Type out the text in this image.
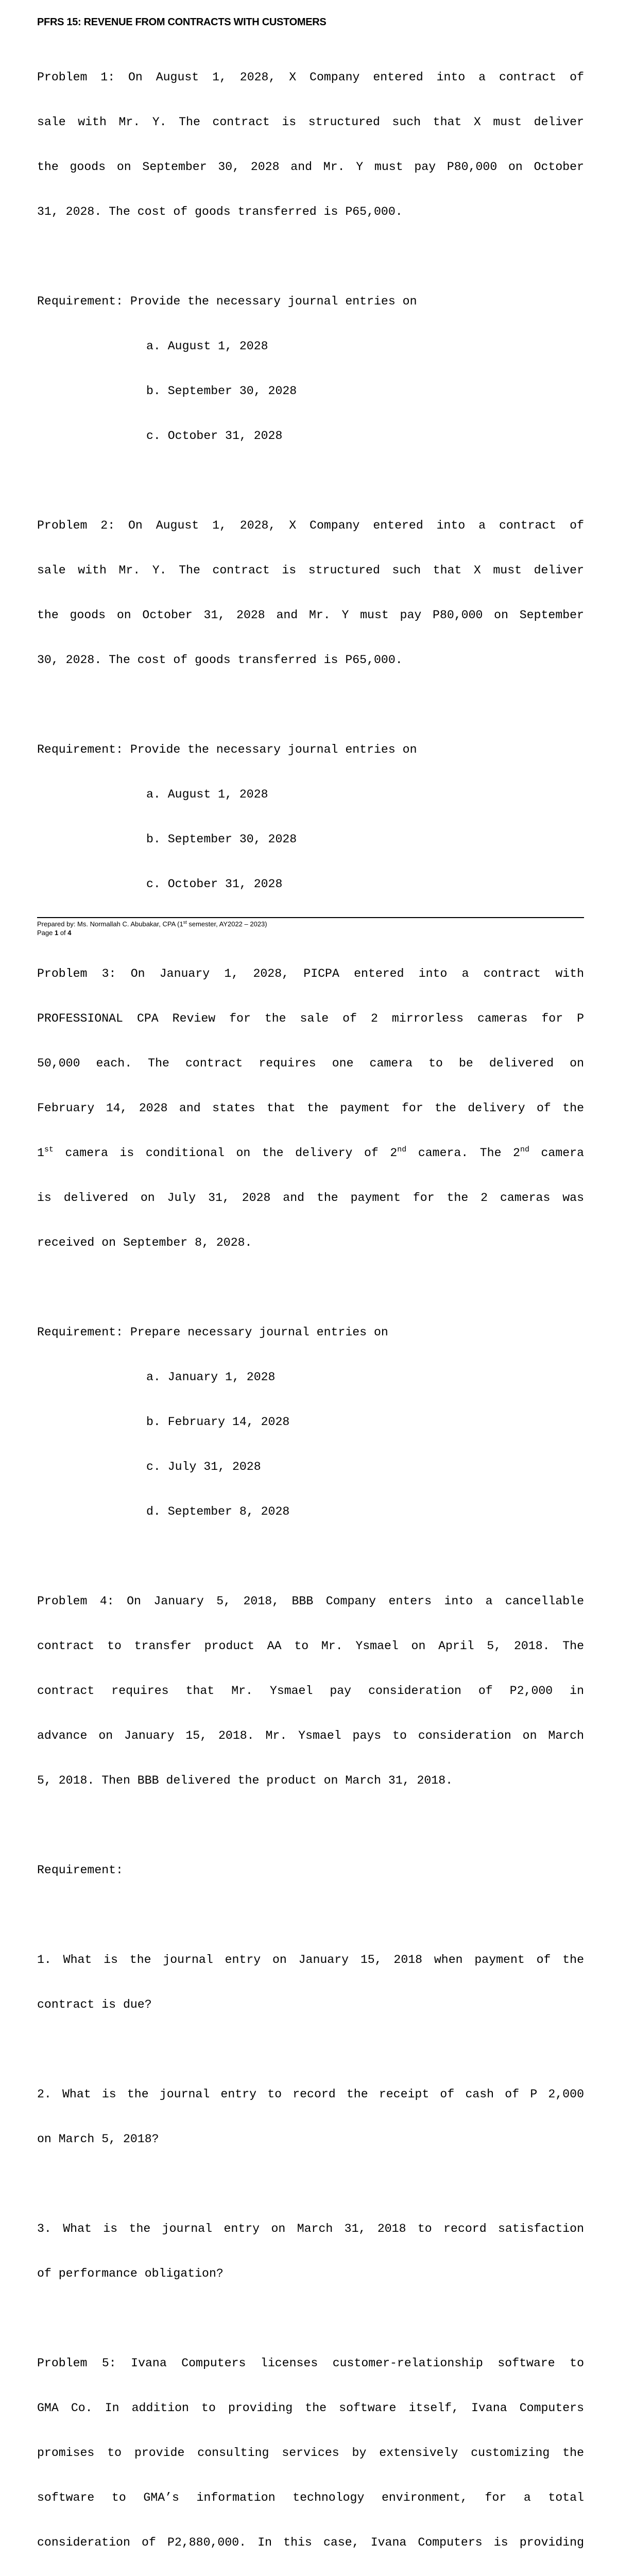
PFRS 15: REVENUE FROM CONTRACTS WITH CUSTOMERS

Problem 1: On August 1, 2028, X Company entered into a contract of

sale with Mr. Y. The contract is structured such that X must deliver

the goods on September 30, 2028 and Mr. Y must pay P80,000 on October

31, 2028. The cost of goods transferred is P65,000.

Requirement: Provide the necessary journal entries on

a. August 1, 2028

b. September 30, 2028

c. October 31, 2028

Problem 2: On August 1, 2028, X Company entered into a contract of

sale with Mr. Y. The contract is structured such that X must deliver

the goods on October 31, 2028 and Mr. Y must pay P80,000 on September

30, 2028. The cost of goods transferred is P65,000.

Requirement: Provide the necessary journal entries on

a. August 1, 2028

b. September 30, 2028

c. October 31, 2028

Problem 3: On January 1, 2028, PICPA entered into a contract with

PROFESSIONAL CPA Review for the sale of 2 mirrorless cameras for P

50,000 each. The contract requires one camera to be delivered on

February 14, 2028 and states that the payment for the delivery of the

1st camera is conditional on the delivery of 2nd camera. The 2nd camera

is delivered on July 31, 2028 and the payment for the 2 cameras was

received on September 8, 2028.

Requirement: Prepare necessary journal entries on

a. January 1, 2028

b. February 14, 2028

c. July 31, 2028

d. September 8, 2028

Problem 4: On January 5, 2018, BBB Company enters into a cancellable

contract to transfer product AA to Mr. Ysmael on April 5, 2018. The

contract requires that Mr. Ysmael pay consideration of P2,000 in

advance on January 15, 2018. Mr. Ysmael pays to consideration on March

5, 2018. Then BBB delivered the product on March 31, 2018.

Requirement:

1. What is the journal entry on January 15, 2018 when payment of the

contract is due?

2. What is the journal entry to record the receipt of cash of P 2,000

on March 5, 2018?

3. What is the journal entry on March 31, 2018 to record satisfaction

of performance obligation?

Problem 5: Ivana Computers licenses customer-relationship software to

GMA Co. In addition to providing the software itself, Ivana Computers

promises to provide consulting services by extensively customizing the

software to GMA’s information technology environment, for a total

consideration of P2,880,000. In this case, Ivana Computers is providing

Prepared by: Ms. Normallah C. Abubakar, CPA (1st semester, AY2022 – 2023)
Page 1 of 4
